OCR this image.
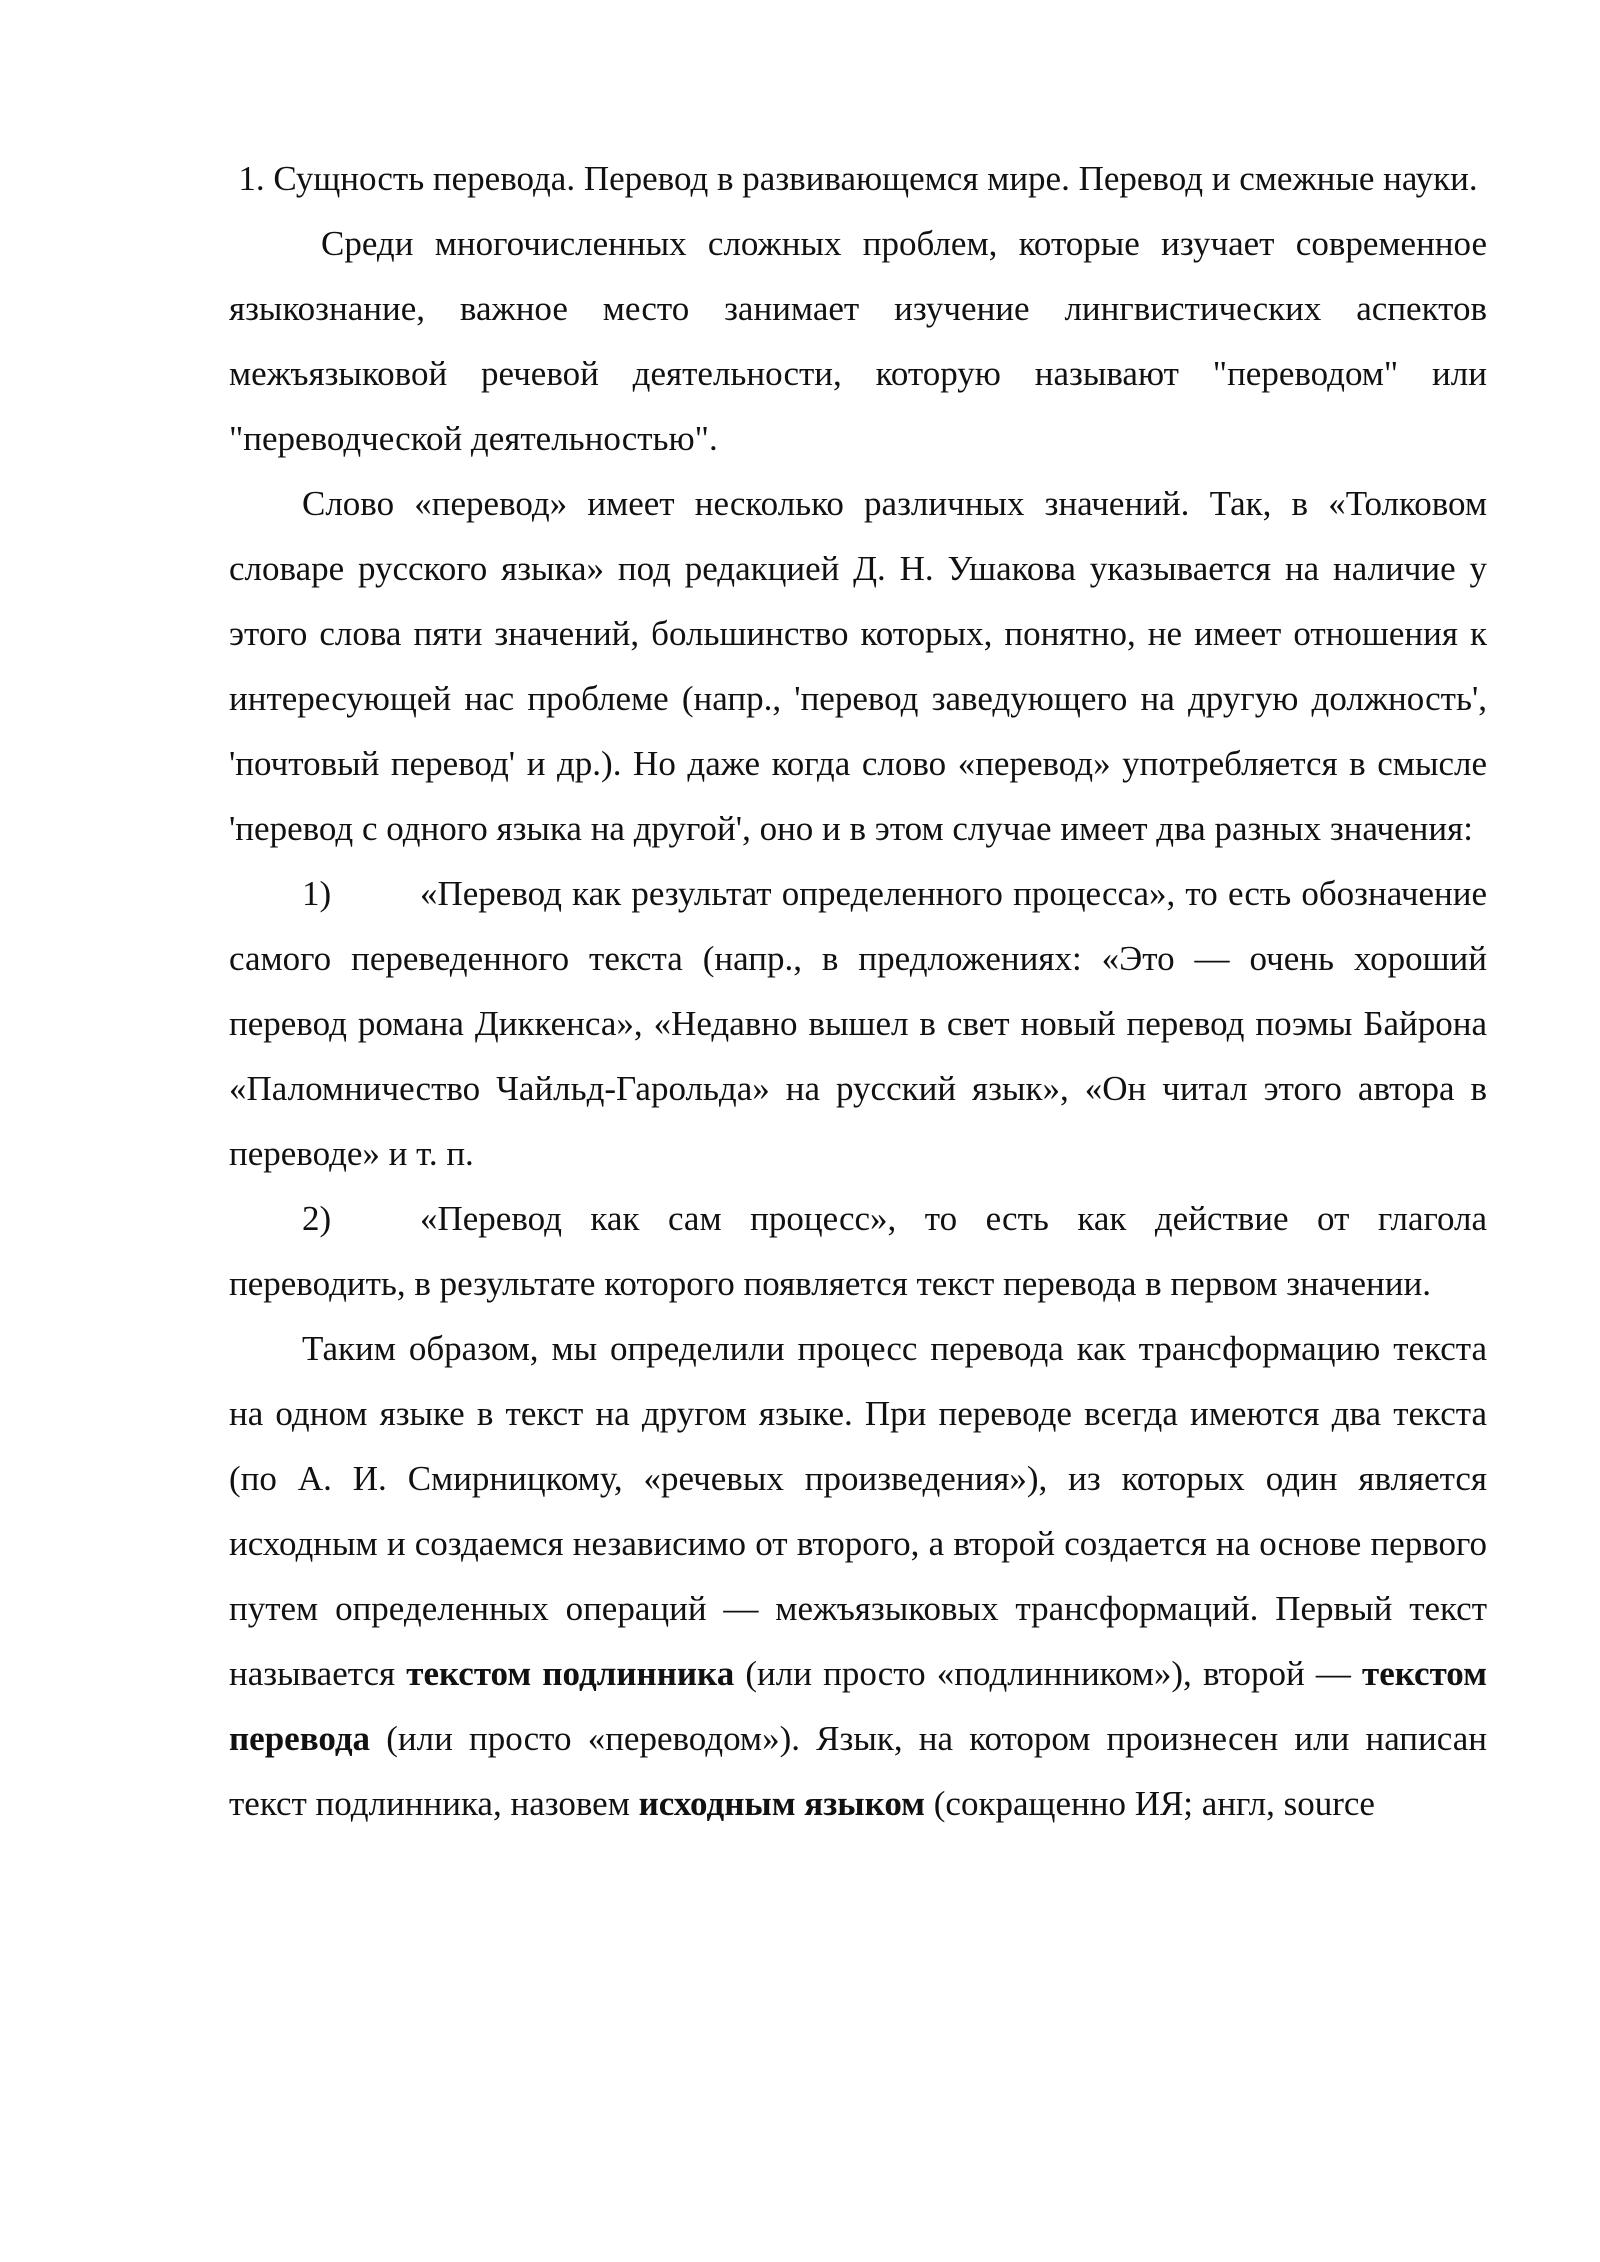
1. Сущность перевода. Перевод в развивающемся мире. Перевод и смежные науки.

Среди многочисленных сложных проблем, которые изучает современное языкознание, важное место занимает изучение лингвистических аспектов межъязыковой речевой деятельности, которую называют "переводом" или "переводческой деятельностью".

Слово «перевод» имеет несколько различных значений. Так, в «Толковом словаре русского языка» под редакцией Д. Н. Ушакова указывается на наличие у этого слова пяти значений, большинство которых, понятно, не имеет отношения к интересующей нас проблеме (напр., 'перевод заведующего на другую должность', 'почтовый перевод' и др.). Но даже когда слово «перевод» употребляется в смысле 'перевод с одного языка на другой', оно и в этом случае имеет два разных значения:

1)	«Перевод как результат определенного процесса», то есть обозначение самого переведенного текста (напр., в предложениях: «Это — очень хороший перевод романа Диккенса», «Недавно вышел в свет новый перевод поэмы Байрона «Паломничество Чайльд-Гарольда» на русский язык», «Он читал этого автора в переводе» и т. п.

2)	«Перевод как сам процесс», то есть как действие от глагола переводить, в результате которого появляется текст перевода в первом значении.

Таким образом, мы определили процесс перевода как трансформацию текста на одном языке в текст на другом языке. При переводе всегда имеются два текста (по А. И. Смирницкому, «речевых произведения»), из которых один является исходным и создаемся независимо от второго, а второй создается на основе первого путем определенных операций — межъязыковых трансформаций. Первый текст называется текстом подлинника (или просто «подлинником»), второй — текстом перевода (или просто «переводом»). Язык, на котором произнесен или написан текст подлинника, назовем исходным языком (сокращенно ИЯ; англ, source
